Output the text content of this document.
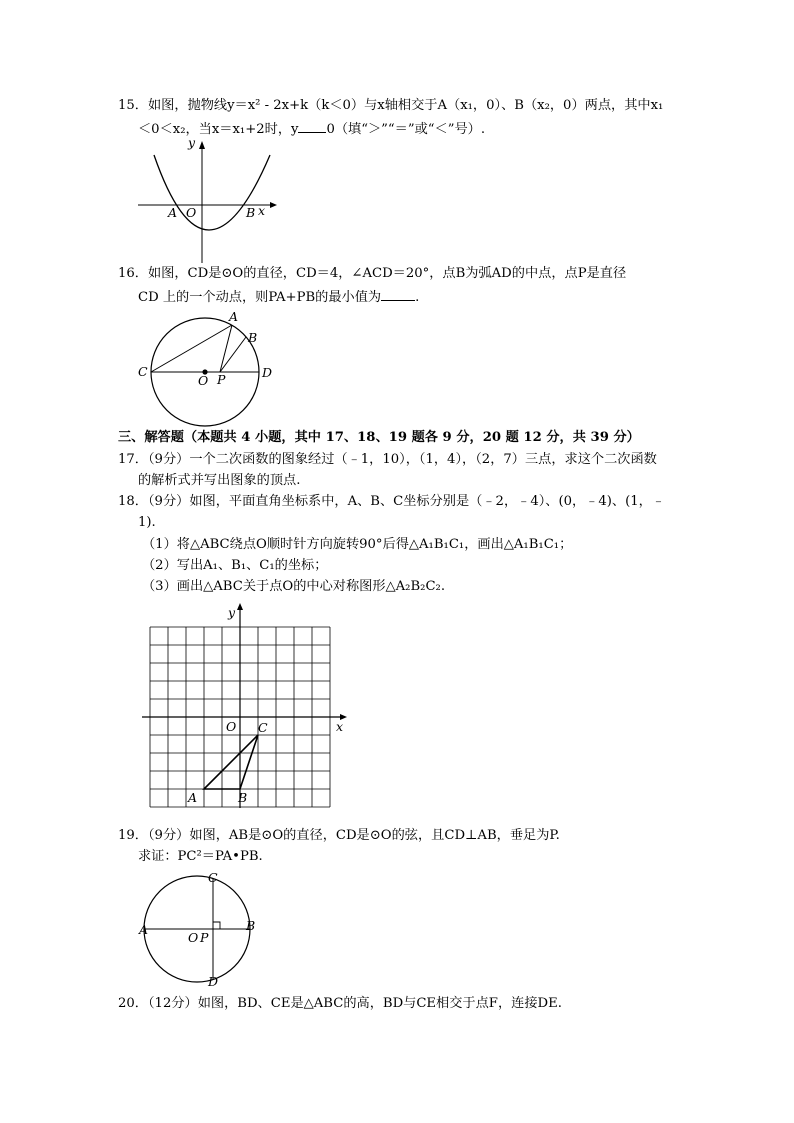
15．如图，抛物线y＝x² - 2x+k（k＜0）与x轴相交于A（x₁，0）、B（x₂，0）两点，其中x₁
＜0＜x₂，当x＝x₁+2时，y 0（填“＞”“＝”或“＜”号）.
y
x
A O	B
16．如图，CD是⊙O的直径，CD＝4，∠ACD＝20°，点B为弧AD的中点，点P是直径
CD 上的一个动点，则PA+PB的最小值为	.
A
B
C	D
O P
三、解答题（本题共 4 小题，其中 17、18、19 题各 9 分，20 题 12 分，共 39 分）
17．（9分）一个二次函数的图象经过（﹣1，10），（1，4），（2，7）三点，求这个二次函数
的解析式并写出图象的顶点.
18．（9分）如图，平面直角坐标系中，A、B、C坐标分别是（﹣2，﹣4）、(0，﹣4)、(1，﹣
1).
（1）将△ABC绕点O顺时针方向旋转90°后得△A₁B₁C₁，画出△A₁B₁C₁；
（2）写出A₁、B₁、C₁的坐标；
（3）画出△ABC关于点O的中心对称图形△A₂B₂C₂.
y
x
O
A	B
C
19．（9分）如图，AB是⊙O的直径，CD是⊙O的弦，且CD⊥AB，垂足为P.
求证：PC²＝PA•PB.
C
D
A	B
O P
20．（12分）如图，BD、CE是△ABC的高，BD与CE相交于点F，连接DE.
